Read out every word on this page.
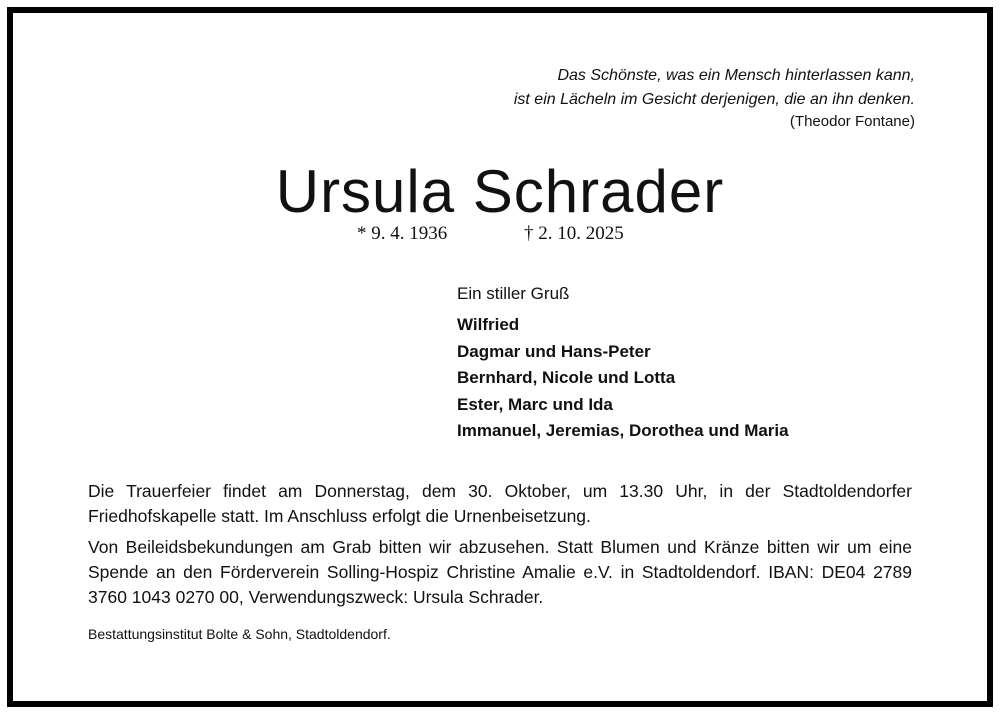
Das Schönste, was ein Mensch hinterlassen kann,
ist ein Lächeln im Gesicht derjenigen, die an ihn denken.
(Theodor Fontane)
Ursula Schrader
* 9. 4. 1936	† 2. 10. 2025
Ein stiller Gruß
Wilfried
Dagmar und Hans-Peter
Bernhard, Nicole und Lotta
Ester, Marc und Ida
Immanuel, Jeremias, Dorothea und Maria

Die Trauerfeier findet am Donnerstag, dem 30. Oktober, um 13.30 Uhr, in der Stadtoldendorfer Friedhofskapelle statt. Im Anschluss erfolgt die Urnenbeisetzung.

Von Beileidsbekundungen am Grab bitten wir abzusehen. Statt Blumen und Kränze bitten wir um eine Spende an den Förderverein Solling-Hospiz Christine Amalie e.V. in Stadtoldendorf. IBAN: DE04 2789 3760 1043 0270 00, Verwendungszweck: Ursula Schrader.

Bestattungsinstitut Bolte & Sohn, Stadtoldendorf.
